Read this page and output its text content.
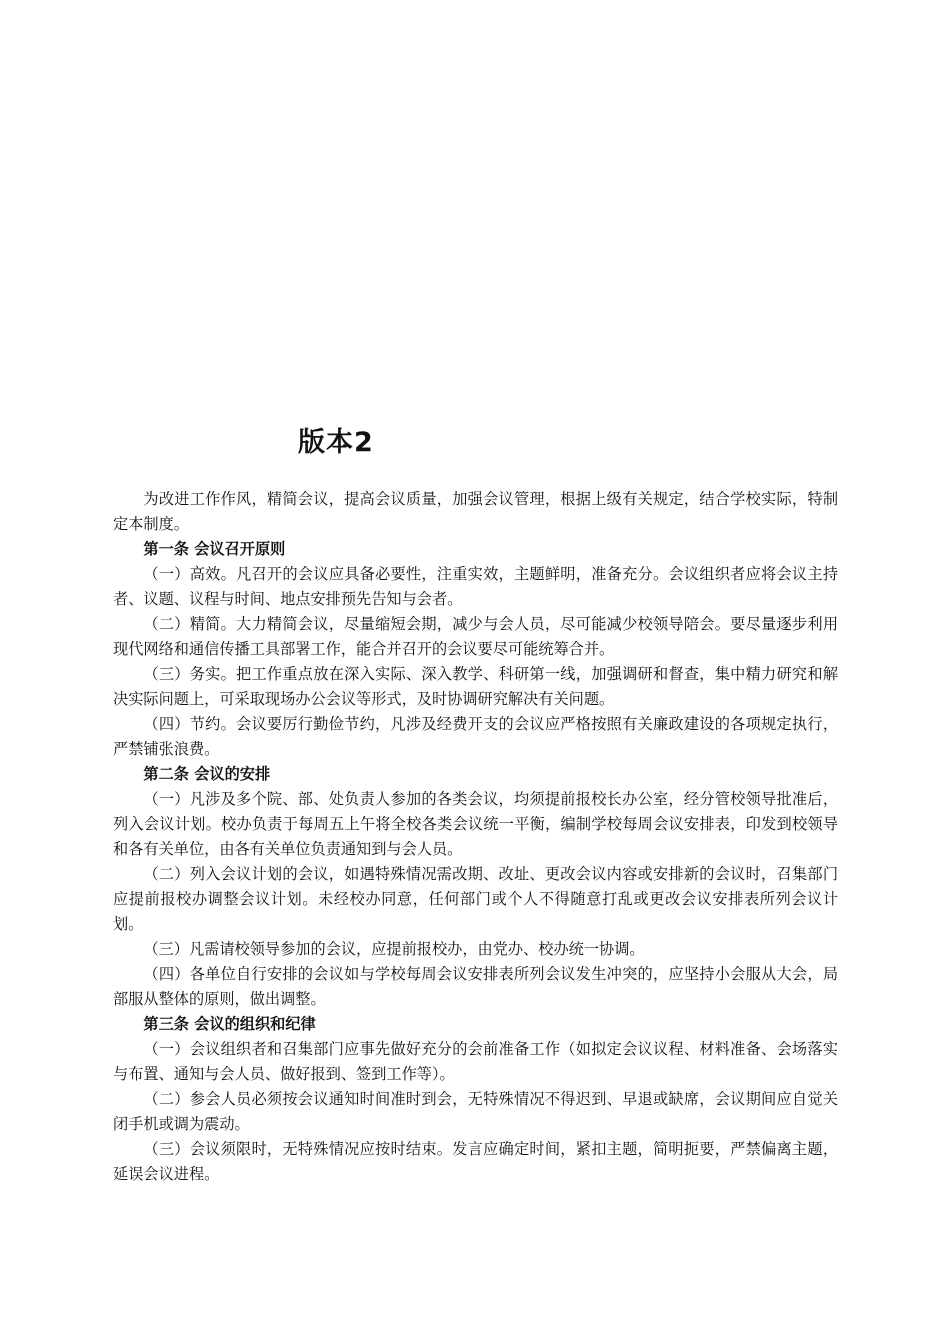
版本2

为改进工作作风，精简会议，提高会议质量，加强会议管理，根据上级有关规定，结合学校实际，特制定本制度。

第一条 会议召开原则

（一）高效。凡召开的会议应具备必要性，注重实效，主题鲜明，准备充分。会议组织者应将会议主持者、议题、议程与时间、地点安排预先告知与会者。

（二）精简。大力精简会议，尽量缩短会期，减少与会人员，尽可能减少校领导陪会。要尽量逐步利用现代网络和通信传播工具部署工作，能合并召开的会议要尽可能统筹合并。

（三）务实。把工作重点放在深入实际、深入教学、科研第一线，加强调研和督查，集中精力研究和解决实际问题上，可采取现场办公会议等形式，及时协调研究解决有关问题。

（四）节约。会议要厉行勤俭节约，凡涉及经费开支的会议应严格按照有关廉政建设的各项规定执行，严禁铺张浪费。

第二条 会议的安排

（一）凡涉及多个院、部、处负责人参加的各类会议，均须提前报校长办公室，经分管校领导批准后，列入会议计划。校办负责于每周五上午将全校各类会议统一平衡，编制学校每周会议安排表，印发到校领导和各有关单位，由各有关单位负责通知到与会人员。

（二）列入会议计划的会议，如遇特殊情况需改期、改址、更改会议内容或安排新的会议时，召集部门应提前报校办调整会议计划。未经校办同意，任何部门或个人不得随意打乱或更改会议安排表所列会议计划。

（三）凡需请校领导参加的会议，应提前报校办，由党办、校办统一协调。

（四）各单位自行安排的会议如与学校每周会议安排表所列会议发生冲突的，应坚持小会服从大会，局部服从整体的原则，做出调整。

第三条 会议的组织和纪律

（一）会议组织者和召集部门应事先做好充分的会前准备工作（如拟定会议议程、材料准备、会场落实与布置、通知与会人员、做好报到、签到工作等）。

（二）参会人员必须按会议通知时间准时到会，无特殊情况不得迟到、早退或缺席，会议期间应自觉关闭手机或调为震动。

（三）会议须限时，无特殊情况应按时结束。发言应确定时间，紧扣主题，简明扼要，严禁偏离主题，延误会议进程。
